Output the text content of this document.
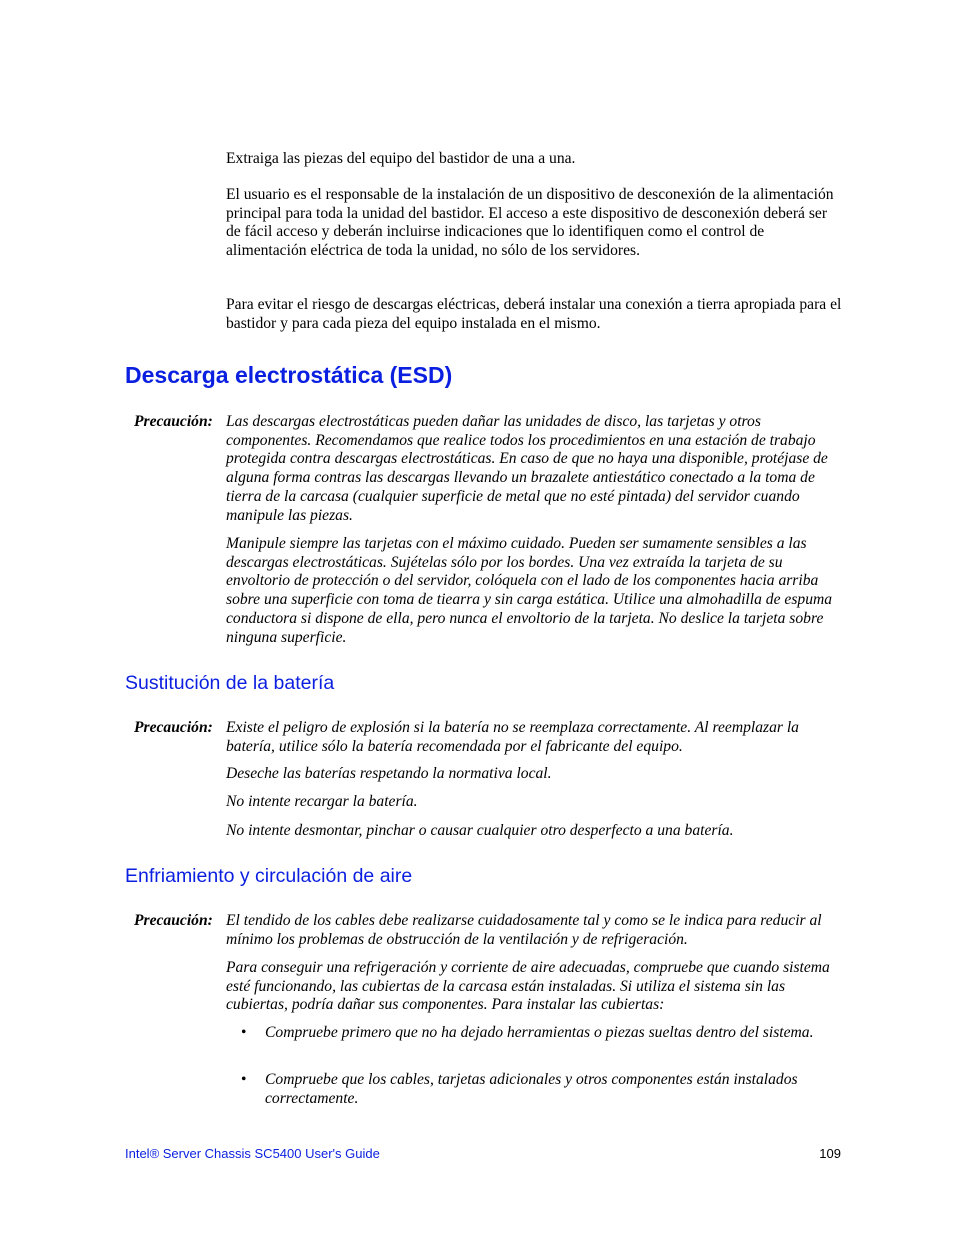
Extraiga las piezas del equipo del bastidor de una a una.

El usuario es el responsable de la instalación de un dispositivo de desconexión de la alimentación principal para toda la unidad del bastidor. El acceso a este dispositivo de desconexión deberá ser de fácil acceso y deberán incluirse indicaciones que lo identifiquen como el control de alimentación eléctrica de toda la unidad, no sólo de los servidores.

Para evitar el riesgo de descargas eléctricas, deberá instalar una conexión a tierra apropiada para el bastidor y para cada pieza del equipo instalada en el mismo.

Descarga electrostática (ESD)

Precaución: Las descargas electrostáticas pueden dañar las unidades de disco, las tarjetas y otros componentes. Recomendamos que realice todos los procedimientos en una estación de trabajo protegida contra descargas electrostáticas. En caso de que no haya una disponible, protéjase de alguna forma contras las descargas llevando un brazalete antiestático conectado a la toma de tierra de la carcasa (cualquier superficie de metal que no esté pintada) del servidor cuando manipule las piezas.

Manipule siempre las tarjetas con el máximo cuidado. Pueden ser sumamente sensibles a las descargas electrostáticas. Sujételas sólo por los bordes. Una vez extraída la tarjeta de su envoltorio de protección o del servidor, colóquela con el lado de los componentes hacia arriba sobre una superficie con toma de tiearra y sin carga estática. Utilice una almohadilla de espuma conductora si dispone de ella, pero nunca el envoltorio de la tarjeta. No deslice la tarjeta sobre ninguna superficie.

Sustitución de la batería

Precaución: Existe el peligro de explosión si la batería no se reemplaza correctamente. Al reemplazar la batería, utilice sólo la batería recomendada por el fabricante del equipo.

Deseche las baterías respetando la normativa local.

No intente recargar la batería.

No intente desmontar, pinchar o causar cualquier otro desperfecto a una batería.

Enfriamiento y circulación de aire

Precaución: El tendido de los cables debe realizarse cuidadosamente tal y como se le indica para reducir al mínimo los problemas de obstrucción de la ventilación y de refrigeración.

Para conseguir una refrigeración y corriente de aire adecuadas, compruebe que cuando sistema esté funcionando, las cubiertas de la carcasa están instaladas. Si utiliza el sistema sin las cubiertas, podría dañar sus componentes. Para instalar las cubiertas:

• Compruebe primero que no ha dejado herramientas o piezas sueltas dentro del sistema.

• Compruebe que los cables, tarjetas adicionales y otros componentes están instalados correctamente.

Intel® Server Chassis SC5400 User's Guide	109
